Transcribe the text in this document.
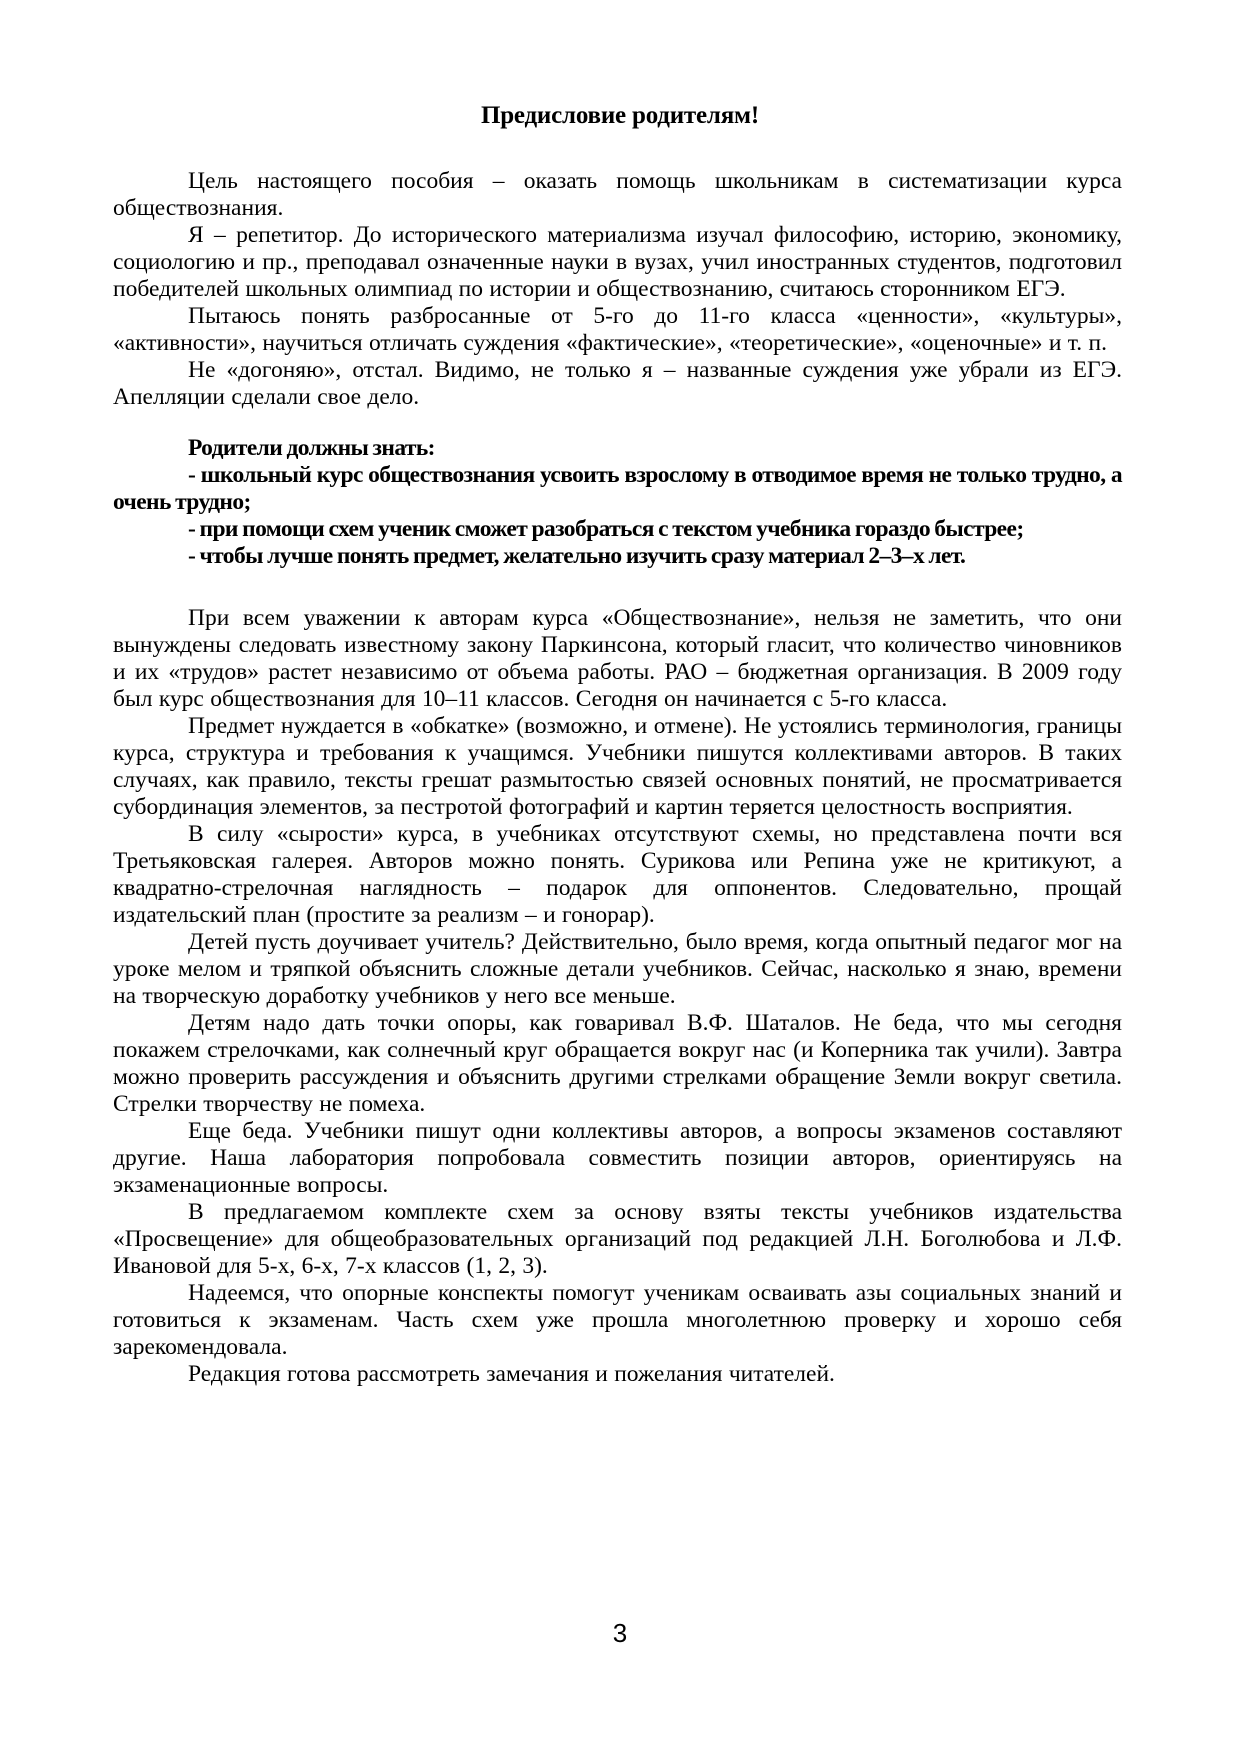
Предисловие родителям!

Цель настоящего пособия – оказать помощь школьникам в систематизации курса обществознания.

Я – репетитор. До исторического материализма изучал философию, историю, экономику, социологию и пр., преподавал означенные науки в вузах, учил иностранных студентов, подготовил победителей школьных олимпиад по истории и обществознанию, считаюсь сторонником ЕГЭ.

Пытаюсь понять разбросанные от 5-го до 11-го класса «ценности», «культуры», «активности», научиться отличать суждения «фактические», «теоретические», «оценочные» и т. п.

Не «догоняю», отстал. Видимо, не только я – названные суждения уже убрали из ЕГЭ. Апелляции сделали свое дело.

Родители должны знать:

- школьный курс обществознания усвоить взрослому в отводимое время не только трудно, а очень трудно;

- при помощи схем ученик сможет разобраться с текстом учебника гораздо быстрее;

- чтобы лучше понять предмет, желательно изучить сразу материал 2–3–х лет.

При всем уважении к авторам курса «Обществознание», нельзя не заметить, что они вынуждены следовать известному закону Паркинсона, который гласит, что количество чиновников и их «трудов» растет независимо от объема работы. РАО – бюджетная организация. В 2009 году был курс обществознания для 10–11 классов. Сегодня он начинается с 5-го класса.

Предмет нуждается в «обкатке» (возможно, и отмене). Не устоялись терминология, границы курса, структура и требования к учащимся. Учебники пишутся коллективами авторов. В таких случаях, как правило, тексты грешат размытостью связей основных понятий, не просматривается субординация элементов, за пестротой фотографий и картин теряется целостность восприятия.

В силу «сырости» курса, в учебниках отсутствуют схемы, но представлена почти вся Третьяковская галерея. Авторов можно понять. Сурикова или Репина уже не критикуют, а квадратно-стрелочная наглядность – подарок для оппонентов. Следовательно, прощай издательский план (простите за реализм – и гонорар).

Детей пусть доучивает учитель? Действительно, было время, когда опытный педагог мог на уроке мелом и тряпкой объяснить сложные детали учебников. Сейчас, насколько я знаю, времени на творческую доработку учебников у него все меньше.

Детям надо дать точки опоры, как говаривал В.Ф. Шаталов. Не беда, что мы сегодня покажем стрелочками, как солнечный круг обращается вокруг нас (и Коперника так учили). Завтра можно проверить рассуждения и объяснить другими стрелками обращение Земли вокруг светила. Стрелки творчеству не помеха.

Еще беда. Учебники пишут одни коллективы авторов, а вопросы экзаменов составляют другие. Наша лаборатория попробовала совместить позиции авторов, ориентируясь на экзаменационные вопросы.

В предлагаемом комплекте схем за основу взяты тексты учебников издательства «Просвещение» для общеобразовательных организаций под редакцией Л.Н. Боголюбова и Л.Ф. Ивановой для 5-х, 6-х, 7-х классов (1, 2, 3).

Надеемся, что опорные конспекты помогут ученикам осваивать азы социальных знаний и готовиться к экзаменам. Часть схем уже прошла многолетнюю проверку и хорошо себя зарекомендовала.

Редакция готова рассмотреть замечания и пожелания читателей.

3
